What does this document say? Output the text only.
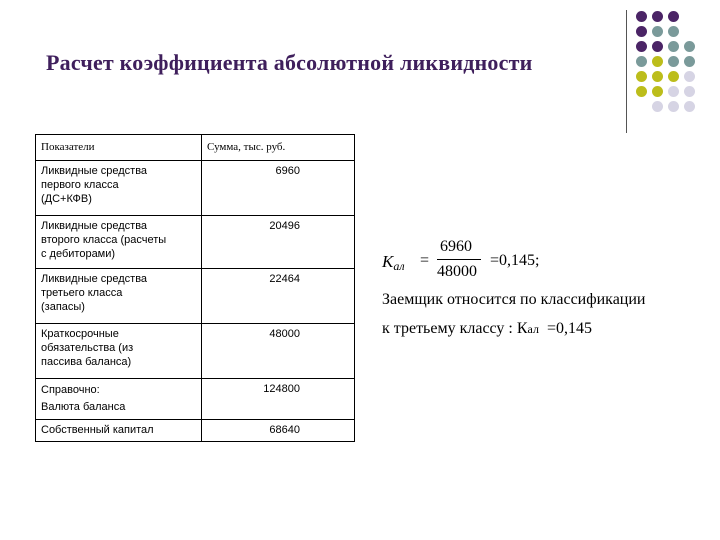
Расчет коэффициента абсолютной ликвидности
Показатели	Сумма, тыс. руб.
Ликвидные средства
первого класса
(ДС+КФВ)	6960
Ликвидные средства
второго класса (расчеты
с дебиторами)	20496
Ликвидные средства
третьего класса
(запасы)	22464
Краткосрочные
обязательства (из
пассива баланса)	48000
Справочно:
Валюта баланса	124800
Собственный капитал	68640
$K_{ал}$ =
6960
48000
=0,145;
Заемщик относится по классификации
к третьему классу : Кал  =0,145
